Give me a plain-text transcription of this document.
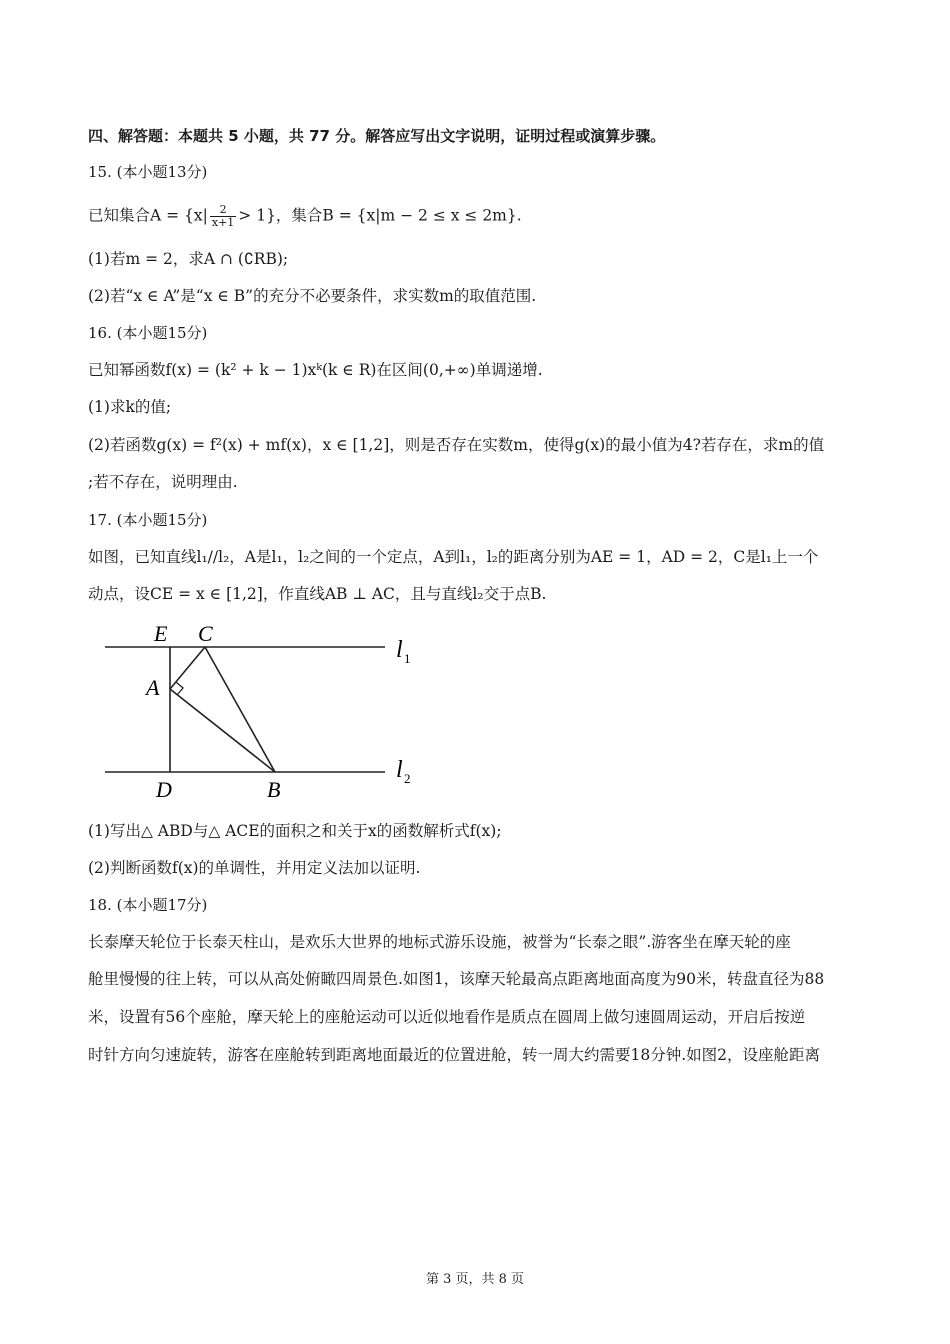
四、解答题：本题共 5 小题，共 77 分。解答应写出文字说明，证明过程或演算步骤。
15. (本小题13分)
已知集合$A = \{x| \frac{2}{x+1} > 1\}$，集合B = {x|m − 2 ≤ x ≤ 2m}.
(1)若m = 2，求A ∩ (∁RB);
(2)若“x ∈ A”是“x ∈ B”的充分不必要条件，求实数m的取值范围.
16. (本小题15分)
已知幂函数f(x) = (k² + k − 1)xᵏ(k ∈ R)在区间(0,+∞)单调递增.
(1)求k的值;
(2)若函数g(x) = f²(x) + mf(x)，x ∈ [1,2]，则是否存在实数m，使得g(x)的最小值为4?若存在，求m的值
;若不存在，说明理由.
17. (本小题15分)
如图，已知直线l₁//l₂，A是l₁，l₂之间的一个定点，A到l₁，l₂的距离分别为AE = 1，AD = 2，C是l₁上一个
动点，设CE = x ∈ [1,2]，作直线AB ⊥ AC，且与直线l₂交于点B.
E C
A
D	B
l 1
l 2
(1)写出△ ABD与△ ACE的面积之和关于x的函数解析式f(x);
(2)判断函数f(x)的单调性，并用定义法加以证明.
18. (本小题17分)
长泰摩天轮位于长泰天柱山，是欢乐大世界的地标式游乐设施，被誉为“长泰之眼”.游客坐在摩天轮的座
舱里慢慢的往上转，可以从高处俯瞰四周景色.如图1，该摩天轮最高点距离地面高度为90米，转盘直径为88
米，设置有56个座舱，摩天轮上的座舱运动可以近似地看作是质点在圆周上做匀速圆周运动，开启后按逆
时针方向匀速旋转，游客在座舱转到距离地面最近的位置进舱，转一周大约需要18分钟.如图2，设座舱距离
第 3 页，共 8 页
